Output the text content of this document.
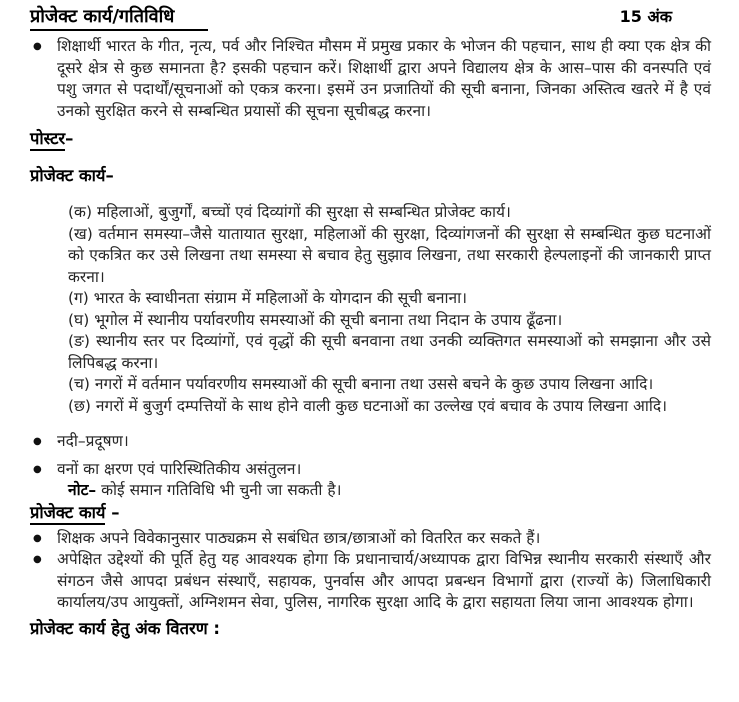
प्रोजेक्ट कार्य/गतिविधि	15 अंक
● शिक्षार्थी भारत के गीत, नृत्य, पर्व और निश्चित मौसम में प्रमुख प्रकार के भोजन की पहचान, साथ ही क्या एक क्षेत्र की दूसरे क्षेत्र से कुछ समानता है? इसकी पहचान करें। शिक्षार्थी द्वारा अपने विद्यालय क्षेत्र के आस–पास की वनस्पति एवं पशु जगत से पदार्थों/सूचनाओं को एकत्र करना। इसमें उन प्रजातियों की सूची बनाना, जिनका अस्तित्व खतरे में है एवं उनको सुरक्षित करने से सम्बन्धित प्रयासों की सूचना सूचीबद्ध करना।
पोस्टर–
प्रोजेक्ट कार्य–
(क) महिलाओं, बुजुर्गों, बच्चों एवं दिव्यांगों की सुरक्षा से सम्बन्धित प्रोजेक्ट कार्य।
(ख) वर्तमान समस्या–जैसे यातायात सुरक्षा, महिलाओं की सुरक्षा, दिव्यांगजनों की सुरक्षा से सम्बन्धित कुछ घटनाओं को एकत्रित कर उसे लिखना तथा समस्या से बचाव हेतु सुझाव लिखना, तथा सरकारी हेल्पलाइनों की जानकारी प्राप्त करना।
(ग) भारत के स्वाधीनता संग्राम में महिलाओं के योगदान की सूची बनाना।
(घ) भूगोल में स्थानीय पर्यावरणीय समस्याओं की सूची बनाना तथा निदान के उपाय ढूँढना।
(ङ) स्थानीय स्तर पर दिव्यांगों, एवं वृद्धों की सूची बनवाना तथा उनकी व्यक्तिगत समस्याओं को समझाना और उसे लिपिबद्ध करना।
(च) नगरों में वर्तमान पर्यावरणीय समस्याओं की सूची बनाना तथा उससे बचने के कुछ उपाय लिखना आदि।
(छ) नगरों में बुजुर्ग दम्पत्तियों के साथ होने वाली कुछ घटनाओं का उल्लेख एवं बचाव के उपाय लिखना आदि।
● नदी–प्रदूषण।
● वनों का क्षरण एवं पारिस्थितिकीय असंतुलन।
नोट– कोई समान गतिविधि भी चुनी जा सकती है।
प्रोजेक्ट कार्य –
● शिक्षक अपने विवेकानुसार पाठ्यक्रम से सबंधित छात्र/छात्राओं को वितरित कर सकते हैं।
● अपेक्षित उद्देश्यों की पूर्ति हेतु यह आवश्यक होगा कि प्रधानाचार्य/अध्यापक द्वारा विभिन्न स्थानीय सरकारी संस्थाएँ और संगठन जैसे आपदा प्रबंधन संस्थाएँ, सहायक, पुनर्वास और आपदा प्रबन्धन विभागों द्वारा (राज्यों के) जिलाधिकारी कार्यालय/उप आयुक्तों, अग्निशमन सेवा, पुलिस, नागरिक सुरक्षा आदि के द्वारा सहायता लिया जाना आवश्यक होगा।
प्रोजेक्ट कार्य हेतु अंक वितरण :
